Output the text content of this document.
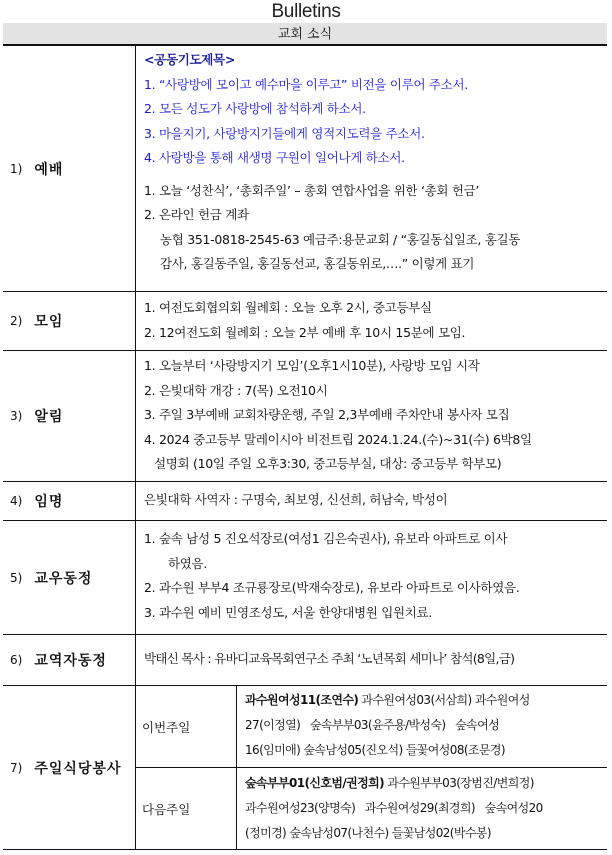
Bulletins
교회 소식
1) 예배
<공동기도제목>
1. “사랑방에 모이고 예수마을 이루고” 비전을 이루어 주소서.
2. 모든 성도가 사랑방에 참석하게 하소서.
3. 마을지기, 사랑방지기들에게 영적지도력을 주소서.
4. 사랑방을 통해 새생명 구원이 일어나게 하소서.
1. 오늘 ‘성찬식’, ‘총회주일’ – 총회 연합사업을 위한 ‘총회 헌금’
2. 온라인 헌금 계좌
농협 351-0818-2545-63 예금주:용문교회 / “홍길동십일조, 홍길동
감사, 홍길동주일, 홍길동선교, 홍길동위로,….” 이렇게 표기
2) 모임
1. 여전도회협의회 월례회 : 오늘 오후 2시, 중고등부실
2. 12여전도회 월례회 : 오늘 2부 예배 후 10시 15분에 모임.
3) 알림
1. 오늘부터 ‘사랑방지기 모임’(오후1시10분), 사랑방 모임 시작
2. 은빛대학 개강 : 7(목) 오전10시
3. 주일 3부예배 교회차량운행, 주일 2,3부예배 주차안내 봉사자 모집
4. 2024 중고등부 말레이시아 비전트립 2024.1.24.(수)~31(수) 6박8일
설명회 (10일 주일 오후3:30, 중고등부실, 대상: 중고등부 학부모)
4) 임명	은빛대학 사역자 : 구명숙, 최보영, 신선희, 허남숙, 박성이
5) 교우동정
1. 숲속 남성 5 진오석장로(여성1 김은숙권사), 유보라 아파트로 이사
하였음.
2. 과수원 부부4 조규룡장로(박재숙장로), 유보라 아파트로 이사하였음.
3. 과수원 예비 민영조성도, 서울 한양대병원 입원치료.
6) 교역자동정	박태신 목사 : 유바디교육목회연구소 주최 ‘노년목회 세미나’ 참석(8일,금)
7) 주일식당봉사
이번주일
과수원여성11(조연수) 과수원여성03(서삼희) 과수원여성
27(이정열)   숲속부부03(윤주용/박성숙)   숲속여성
16(임미애) 숲속남성05(진오석) 들꽃여성08(조문경)
다음주일
숲속부부01(신호범/권정희) 과수원부부03(장범진/변희정)
과수원여성23(양명숙)   과수원여성29(최경희)   숲속여성20
(정미경) 숲속남성07(나천수) 들꽃남성02(박수봉)
